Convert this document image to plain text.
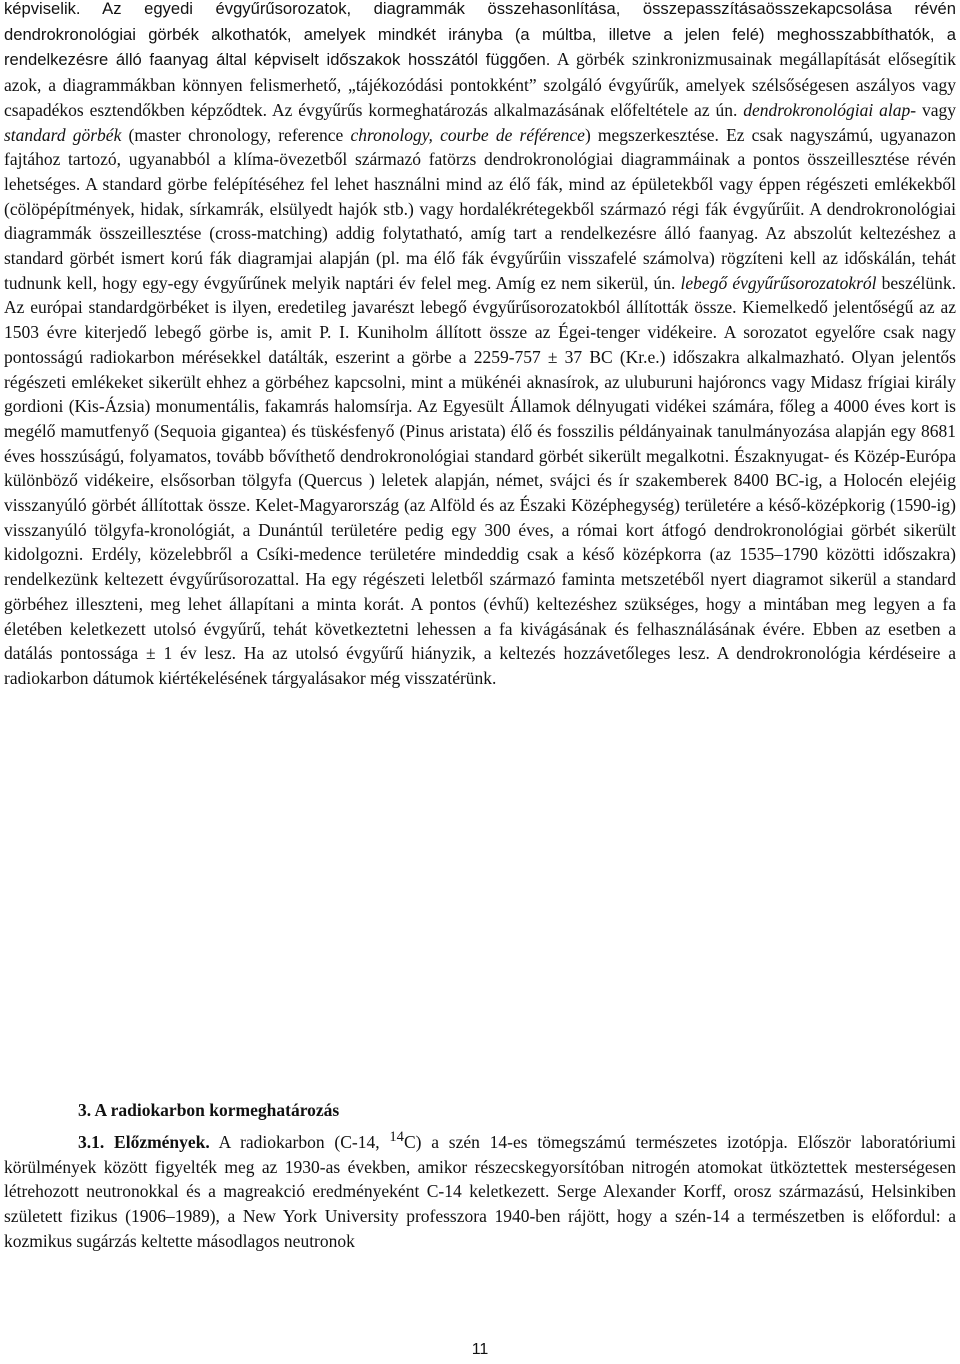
képviselik. Az egyedi évgyűrűsorozatok, diagrammák összehasonlítása, összepasszításaösszekapcsolása révén dendrokronológiai görbék alkothatók, amelyek mindkét irányba (a múltba, illetve a jelen felé) meghosszabbíthatók, a rendelkezésre álló faanyag által képviselt időszakok hosszától függően. A görbék szinkronizmusainak megállapítását elősegítik azok, a diagrammákban könnyen felismerhető, „tájékozódási pontokként” szolgáló évgyűrűk, amelyek szélsőségesen aszályos vagy csapadékos esztendőkben képződtek. Az évgyűrűs kormeghatározás alkalmazásának előfeltétele az ún. dendrokronológiai alap- vagy standard görbék (master chronology, reference chronology, courbe de référence) megszerkesztése. Ez csak nagyszámú, ugyanazon fajtához tartozó, ugyanabból a klíma-övezetből származó fatörzs dendrokronológiai diagrammáinak a pontos összeillesztése révén lehetséges. A standard görbe felépítéséhez fel lehet használni mind az élő fák, mind az épületekből vagy éppen régészeti emlékekből (cölöpépítmények, hidak, sírkamrák, elsülyedt hajók stb.) vagy hordalékrétegekből származó régi fák évgyűrűit. A dendrokronológiai diagrammák összeillesztése (cross-matching) addig folytatható, amíg tart a rendelkezésre álló faanyag. Az abszolút keltezéshez a standard görbét ismert korú fák diagramjai alapján (pl. ma élő fák évgyűrűin visszafelé számolva) rögzíteni kell az időskálán, tehát tudnunk kell, hogy egy-egy évgyűrűnek melyik naptári év felel meg. Amíg ez nem sikerül, ún. lebegő évgyűrűsorozatokról beszélünk. Az európai standardgörbéket is ilyen, eredetileg javarészt lebegő évgyűrűsorozatokból állították össze. Kiemelkedő jelentőségű az az 1503 évre kiterjedő lebegő görbe is, amit P. I. Kuniholm állított össze az Égei-tenger vidékeire. A sorozatot egyelőre csak nagy pontosságú radiokarbon mérésekkel datálták, eszerint a görbe a 2259-757 ± 37 BC (Kr.e.) időszakra alkalmazható. Olyan jelentős régészeti emlékeket sikerült ehhez a görbéhez kapcsolni, mint a mükénéi aknasírok, az uluburuni hajóroncs vagy Midasz frígiai király gordioni (Kis-Ázsia) monumentális, fakamrás halomsírja. Az Egyesült Államok délnyugati vidékei számára, főleg a 4000 éves kort is megélő mamutfenyő (Sequoia gigantea) és tüskésfenyő (Pinus aristata) élő és fosszilis példányainak tanulmányozása alapján egy 8681 éves hosszúságú, folyamatos, tovább bővíthető dendrokronológiai standard görbét sikerült megalkotni. Északnyugat- és Közép-Európa különböző vidékeire, elsősorban tölgyfa (Quercus ) leletek alapján, német, svájci és ír szakemberek 8400 BC-ig, a Holocén elejéig visszanyúló görbét állítottak össze. Kelet-Magyarország (az Alföld és az Északi Középhegység) területére a késő-középkorig (1590-ig) visszanyúló tölgyfa-kronológiát, a Dunántúl területére pedig egy 300 éves, a római kort átfogó dendrokronológiai görbét sikerült kidolgozni. Erdély, közelebbről a Csíki-medence területére mindeddig csak a késő középkorra (az 1535–1790 közötti időszakra) rendelkezünk keltezett évgyűrűsorozattal. Ha egy régészeti leletből származó faminta metszetéből nyert diagramot sikerül a standard görbéhez illeszteni, meg lehet állapítani a minta korát. A pontos (évhű) keltezéshez szükséges, hogy a mintában meg legyen a fa életében keletkezett utolsó évgyűrű, tehát következtetni lehessen a fa kivágásának és felhasználásának évére. Ebben az esetben a datálás pontossága ± 1 év lesz. Ha az utolsó évgyűrű hiányzik, a keltezés hozzávetőleges lesz. A dendrokronológia kérdéseire a radiokarbon dátumok kiértékelésének tárgyalásakor még visszatérünk.

3. A radiokarbon kormeghatározás

3.1. Előzmények. A radiokarbon (C-14, $^{14}$C) a szén 14-es tömegszámú természetes izotópja. Először laboratóriumi körülmények között figyelték meg az 1930-as években, amikor részecskegyorsítóban nitrogén atomokat ütköztettek mesterségesen létrehozott neutronokkal és a magreakció eredményeként C-14 keletkezett. Serge Alexander Korff, orosz származású, Helsinkiben született fizikus (1906–1989), a New York University professzora 1940-ben rájött, hogy a szén-14 a természetben is előfordul: a kozmikus sugárzás keltette másodlagos neutronok

11
